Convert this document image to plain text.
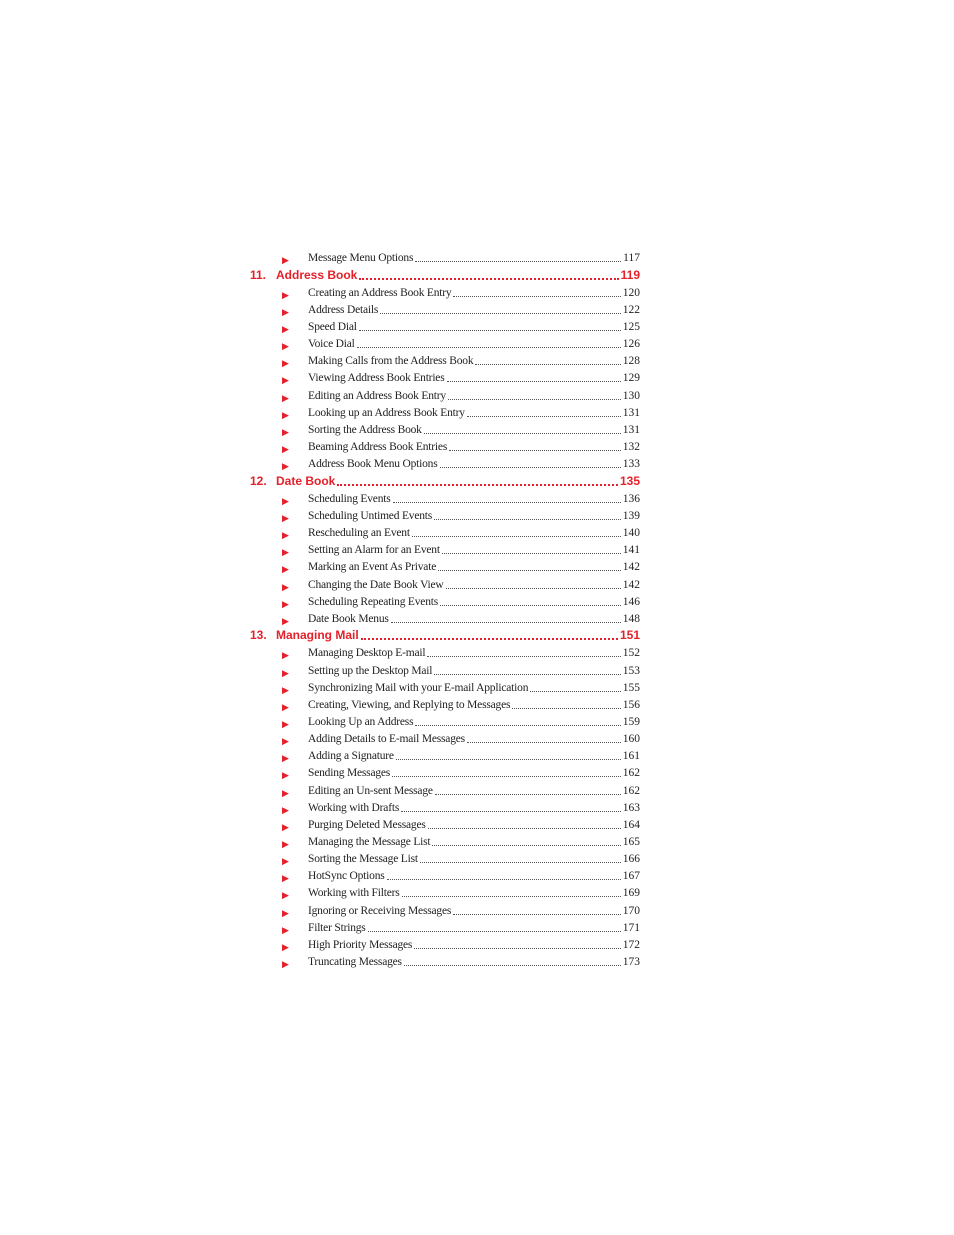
▶	Message Menu Options	117
11. Address Book	119
▶	Creating an Address Book Entry	120
▶	Address Details	122
▶	Speed Dial	125
▶	Voice Dial	126
▶	Making Calls from the Address Book	128
▶	Viewing Address Book Entries	129
▶	Editing an Address Book Entry	130
▶	Looking up an Address Book Entry	131
▶	Sorting the Address Book	131
▶	Beaming Address Book Entries	132
▶	Address Book Menu Options	133
12. Date Book	135
▶	Scheduling Events	136
▶	Scheduling Untimed Events	139
▶	Rescheduling an Event	140
▶	Setting an Alarm for an Event	141
▶	Marking an Event As Private	142
▶	Changing the Date Book View	142
▶	Scheduling Repeating Events	146
▶	Date Book Menus	148
13. Managing Mail	151
▶	Managing Desktop E-mail	152
▶	Setting up the Desktop Mail	153
▶	Synchronizing Mail with your E-mail Application	155
▶	Creating, Viewing, and Replying to Messages	156
▶	Looking Up an Address	159
▶	Adding Details to E-mail Messages	160
▶	Adding a Signature	161
▶	Sending Messages	162
▶	Editing an Un-sent Message	162
▶	Working with Drafts	163
▶	Purging Deleted Messages	164
▶	Managing the Message List	165
▶	Sorting the Message List	166
▶	HotSync Options	167
▶	Working with Filters	169
▶	Ignoring or Receiving Messages	170
▶	Filter Strings	171
▶	High Priority Messages	172
▶	Truncating Messages	173
